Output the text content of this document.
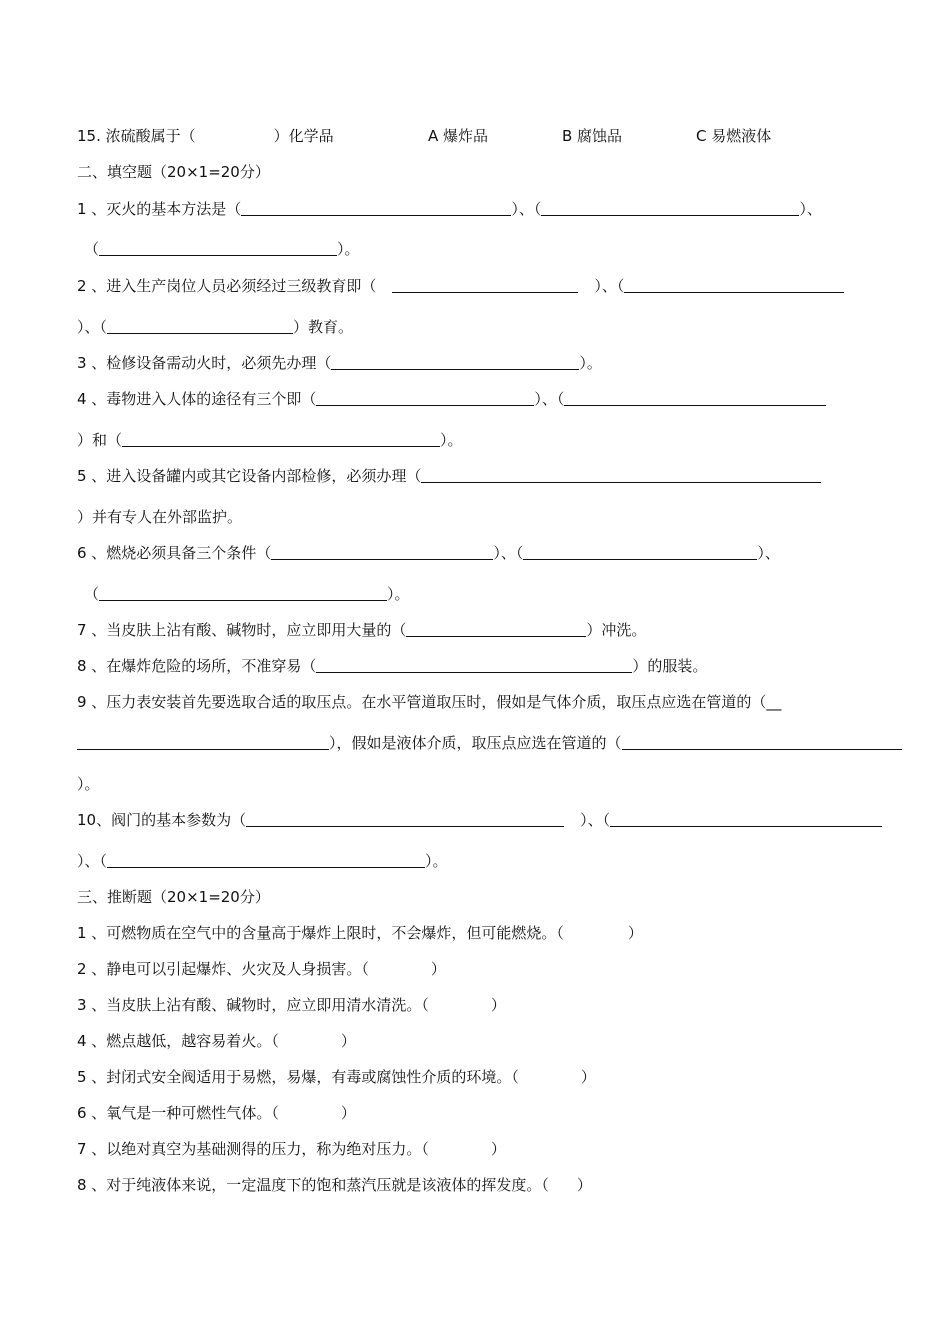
15. 浓硫酸属于（	）化学品	A 爆炸品	B 腐蚀品	C 易燃液体
二、填空题（20×1=20分）
1 、灭火的基本方法是（	）、（	）、
（	）。
2 、进入生产岗位人员必须经过三级教育即（	）、（
）、（	）教育。
3 、检修设备需动火时，必须先办理（	）。
4 、毒物进入人体的途径有三个即（	）、（
）和（	）。
5 、进入设备罐内或其它设备内部检修，必须办理（
）并有专人在外部监护。
6 、燃烧必须具备三个条件（	）、（	）、
（	）。
7 、当皮肤上沾有酸、碱物时，应立即用大量的（	）冲洗。
8 、在爆炸危险的场所，不准穿易（	）的服装。
9 、压力表安装首先要选取合适的取压点。在水平管道取压时，假如是气体介质，取压点应选在管道的（__
），假如是液体介质，取压点应选在管道的（
）。
10、阀门的基本参数为（	）、（
）、（	）。
三、推断题（20×1=20分）
1 、可燃物质在空气中的含量高于爆炸上限时，不会爆炸，但可能燃烧。（	）
2 、静电可以引起爆炸、火灾及人身损害。（	）
3 、当皮肤上沾有酸、碱物时，应立即用清水清洗。（	）
4 、燃点越低，越容易着火。（	）
5 、封闭式安全阀适用于易燃，易爆，有毒或腐蚀性介质的环境。（	）
6 、氧气是一种可燃性气体。（	）
7 、以绝对真空为基础测得的压力，称为绝对压力。（	）
8 、对于纯液体来说，一定温度下的饱和蒸汽压就是该液体的挥发度。（ ）
